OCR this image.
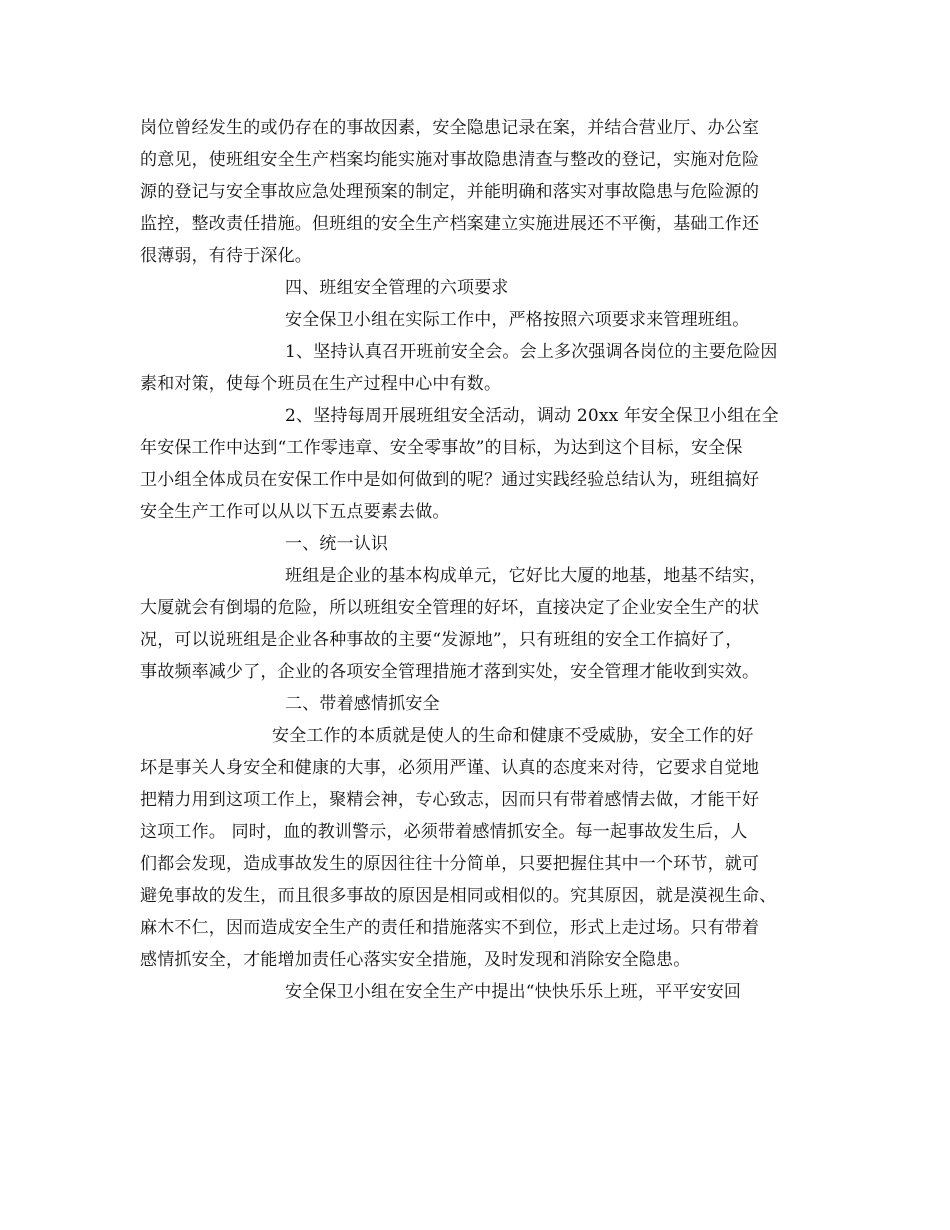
岗位曾经发生的或仍存在的事故因素，安全隐患记录在案，并结合营业厅、办公室
的意见，使班组安全生产档案均能实施对事故隐患清查与整改的登记，实施对危险
源的登记与安全事故应急处理预案的制定，并能明确和落实对事故隐患与危险源的
监控，整改责任措施。但班组的安全生产档案建立实施进展还不平衡，基础工作还
很薄弱，有待于深化。
四、班组安全管理的六项要求
安全保卫小组在实际工作中，严格按照六项要求来管理班组。
1、坚持认真召开班前安全会。会上多次强调各岗位的主要危险因
素和对策，使每个班员在生产过程中心中有数。
2、坚持每周开展班组安全活动，调动 20xx 年安全保卫小组在全
年安保工作中达到“工作零违章、安全零事故”的目标，为达到这个目标，安全保
卫小组全体成员在安保工作中是如何做到的呢？通过实践经验总结认为，班组搞好
安全生产工作可以从以下五点要素去做。
一、统一认识
班组是企业的基本构成单元，它好比大厦的地基，地基不结实，
大厦就会有倒塌的危险，所以班组安全管理的好坏，直接决定了企业安全生产的状
况，可以说班组是企业各种事故的主要“发源地”，只有班组的安全工作搞好了，
事故频率减少了，企业的各项安全管理措施才落到实处，安全管理才能收到实效。
二、带着感情抓安全
安全工作的本质就是使人的生命和健康不受威胁，安全工作的好
坏是事关人身安全和健康的大事，必须用严谨、认真的态度来对待，它要求自觉地
把精力用到这项工作上，聚精会神，专心致志，因而只有带着感情去做，才能干好
这项工作。 同时，血的教训警示，必须带着感情抓安全。每一起事故发生后，人
们都会发现，造成事故发生的原因往往十分简单，只要把握住其中一个环节，就可
避免事故的发生，而且很多事故的原因是相同或相似的。究其原因，就是漠视生命、
麻木不仁，因而造成安全生产的责任和措施落实不到位，形式上走过场。只有带着
感情抓安全，才能增加责任心落实安全措施，及时发现和消除安全隐患。
安全保卫小组在安全生产中提出“快快乐乐上班，平平安安回
